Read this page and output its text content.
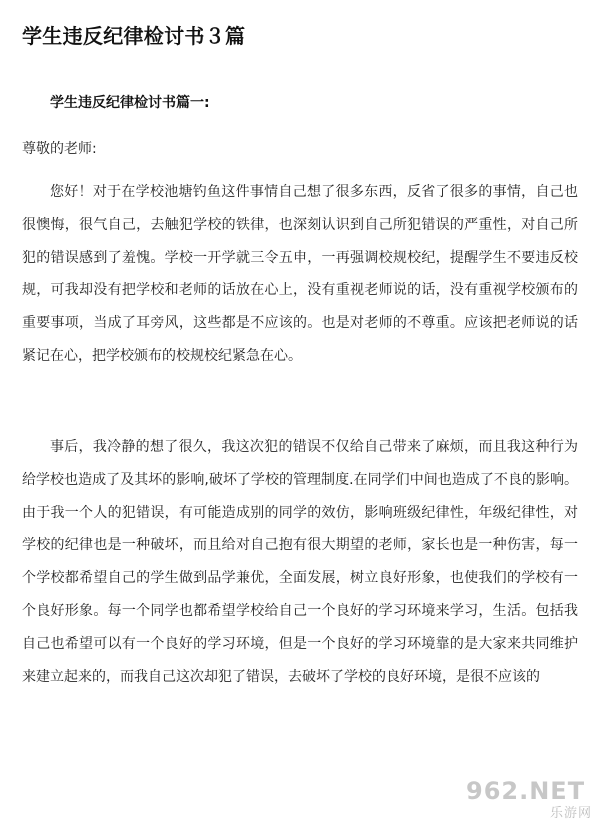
学生违反纪律检讨书３篇
学生违反纪律检讨书篇一:
尊敬的老师:

您好！对于在学校池塘钓鱼这件事情自己想了很多东西，反省了很多的事情，自己也很懊悔，很气自己，去触犯学校的铁律，也深刻认识到自己所犯错误的严重性，对自己所犯的错误感到了羞愧。学校一开学就三令五申，一再强调校规校纪，提醒学生不要违反校规，可我却没有把学校和老师的话放在心上，没有重视老师说的话，没有重视学校颁布的重要事项，当成了耳旁风，这些都是不应该的。也是对老师的不尊重。应该把老师说的话紧记在心，把学校颁布的校规校纪紧急在心。

事后，我冷静的想了很久，我这次犯的错误不仅给自己带来了麻烦，而且我这种行为给学校也造成了及其坏的影响,破坏了学校的管理制度.在同学们中间也造成了不良的影响。由于我一个人的犯错误，有可能造成别的同学的效仿，影响班级纪律性，年级纪律性，对学校的纪律也是一种破坏，而且给对自己抱有很大期望的老师，家长也是一种伤害，每一个学校都希望自己的学生做到品学兼优，全面发展，树立良好形象，也使我们的学校有一个良好形象。每一个同学也都希望学校给自己一个良好的学习环境来学习，生活。包括我自己也希望可以有一个良好的学习环境，但是一个良好的学习环境靠的是大家来共同维护来建立起来的，而我自己这次却犯了错误，去破坏了学校的良好环境，是很不应该的

962.NET
乐游网
